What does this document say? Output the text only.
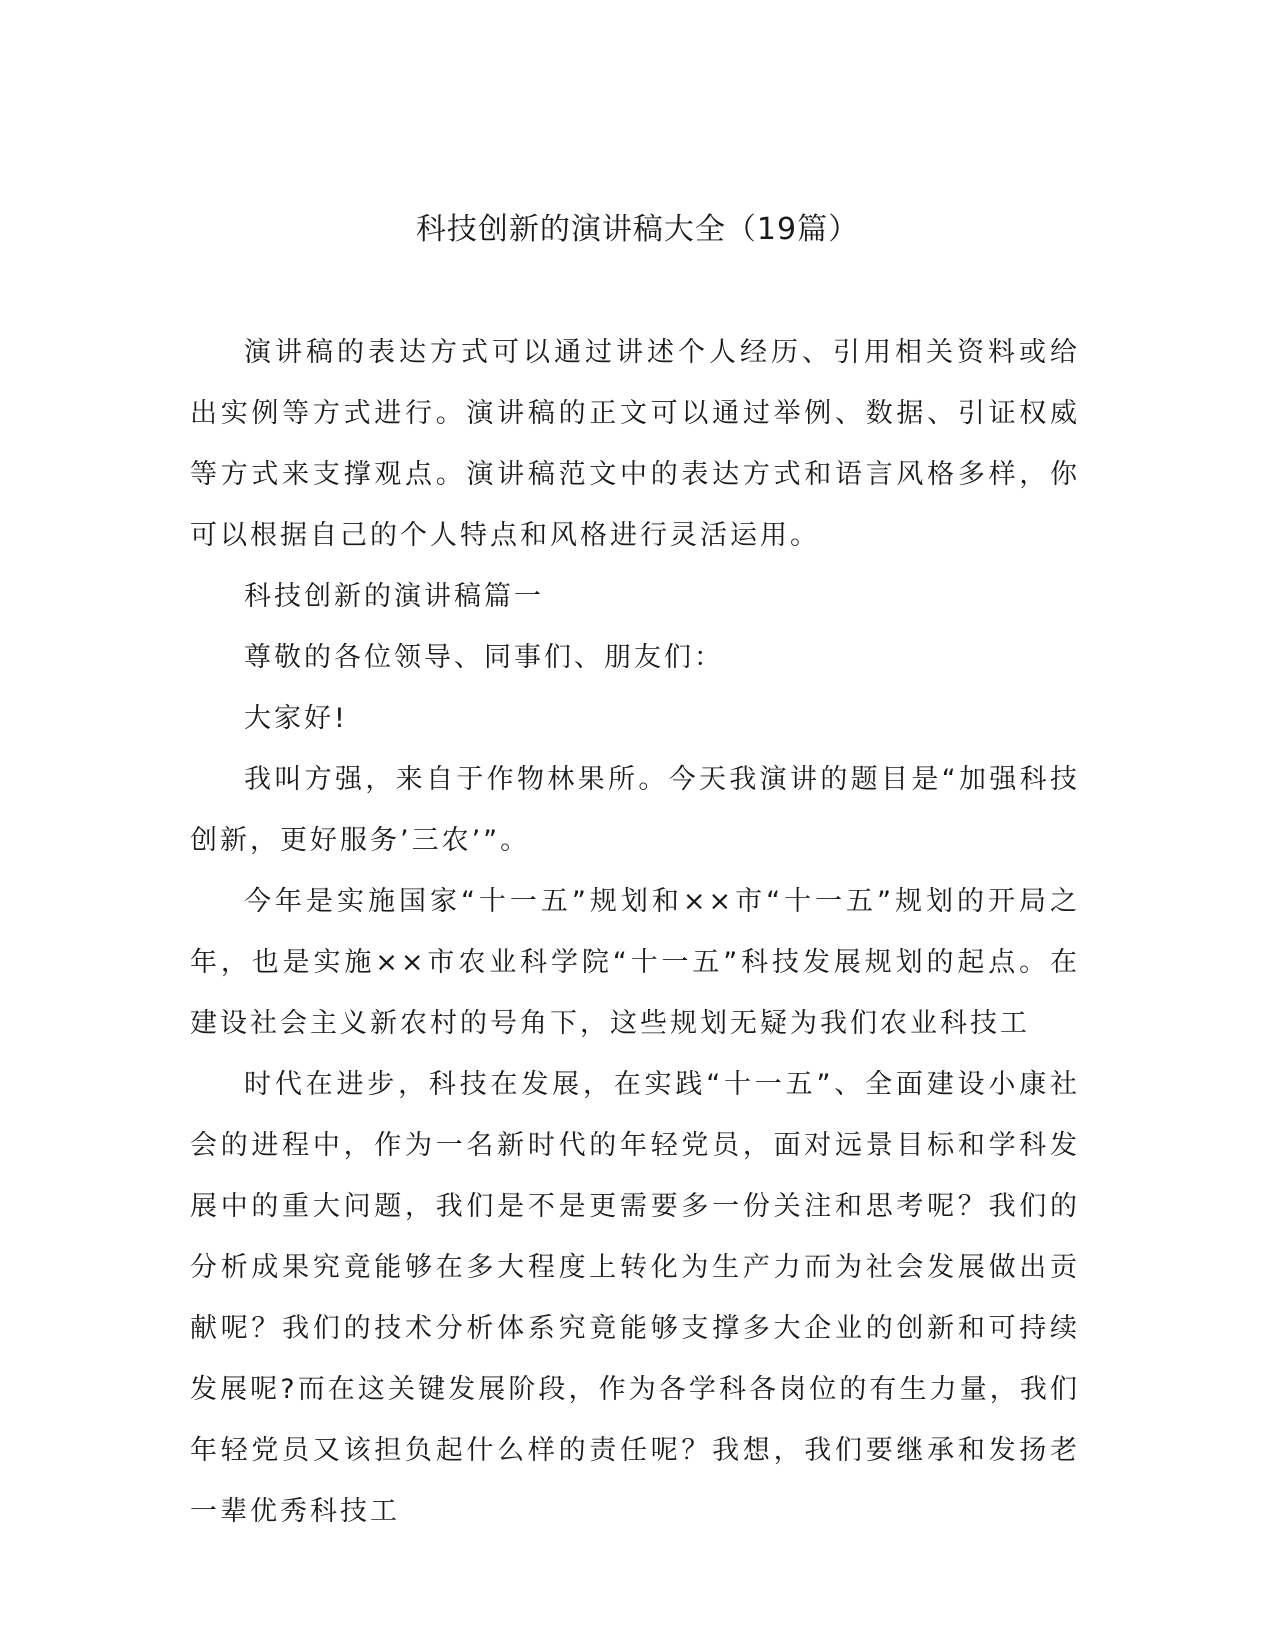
科技创新的演讲稿大全（19篇）

演讲稿的表达方式可以通过讲述个人经历、引用相关资料或给出实例等方式进行。演讲稿的正文可以通过举例、数据、引证权威等方式来支撑观点。演讲稿范文中的表达方式和语言风格多样，你可以根据自己的个人特点和风格进行灵活运用。

科技创新的演讲稿篇一

尊敬的各位领导、同事们、朋友们：

大家好!

我叫方强，来自于作物林果所。今天我演讲的题目是“加强科技创新，更好服务’三农’”。

今年是实施国家“十一五”规划和××市“十一五”规划的开局之年，也是实施××市农业科学院“十一五”科技发展规划的起点。在建设社会主义新农村的号角下，这些规划无疑为我们农业科技工

时代在进步，科技在发展，在实践“十一五”、全面建设小康社会的进程中，作为一名新时代的年轻党员，面对远景目标和学科发展中的重大问题，我们是不是更需要多一份关注和思考呢？我们的分析成果究竟能够在多大程度上转化为生产力而为社会发展做出贡献呢？我们的技术分析体系究竟能够支撑多大企业的创新和可持续发展呢?而在这关键发展阶段，作为各学科各岗位的有生力量，我们年轻党员又该担负起什么样的责任呢？我想，我们要继承和发扬老一辈优秀科技工
